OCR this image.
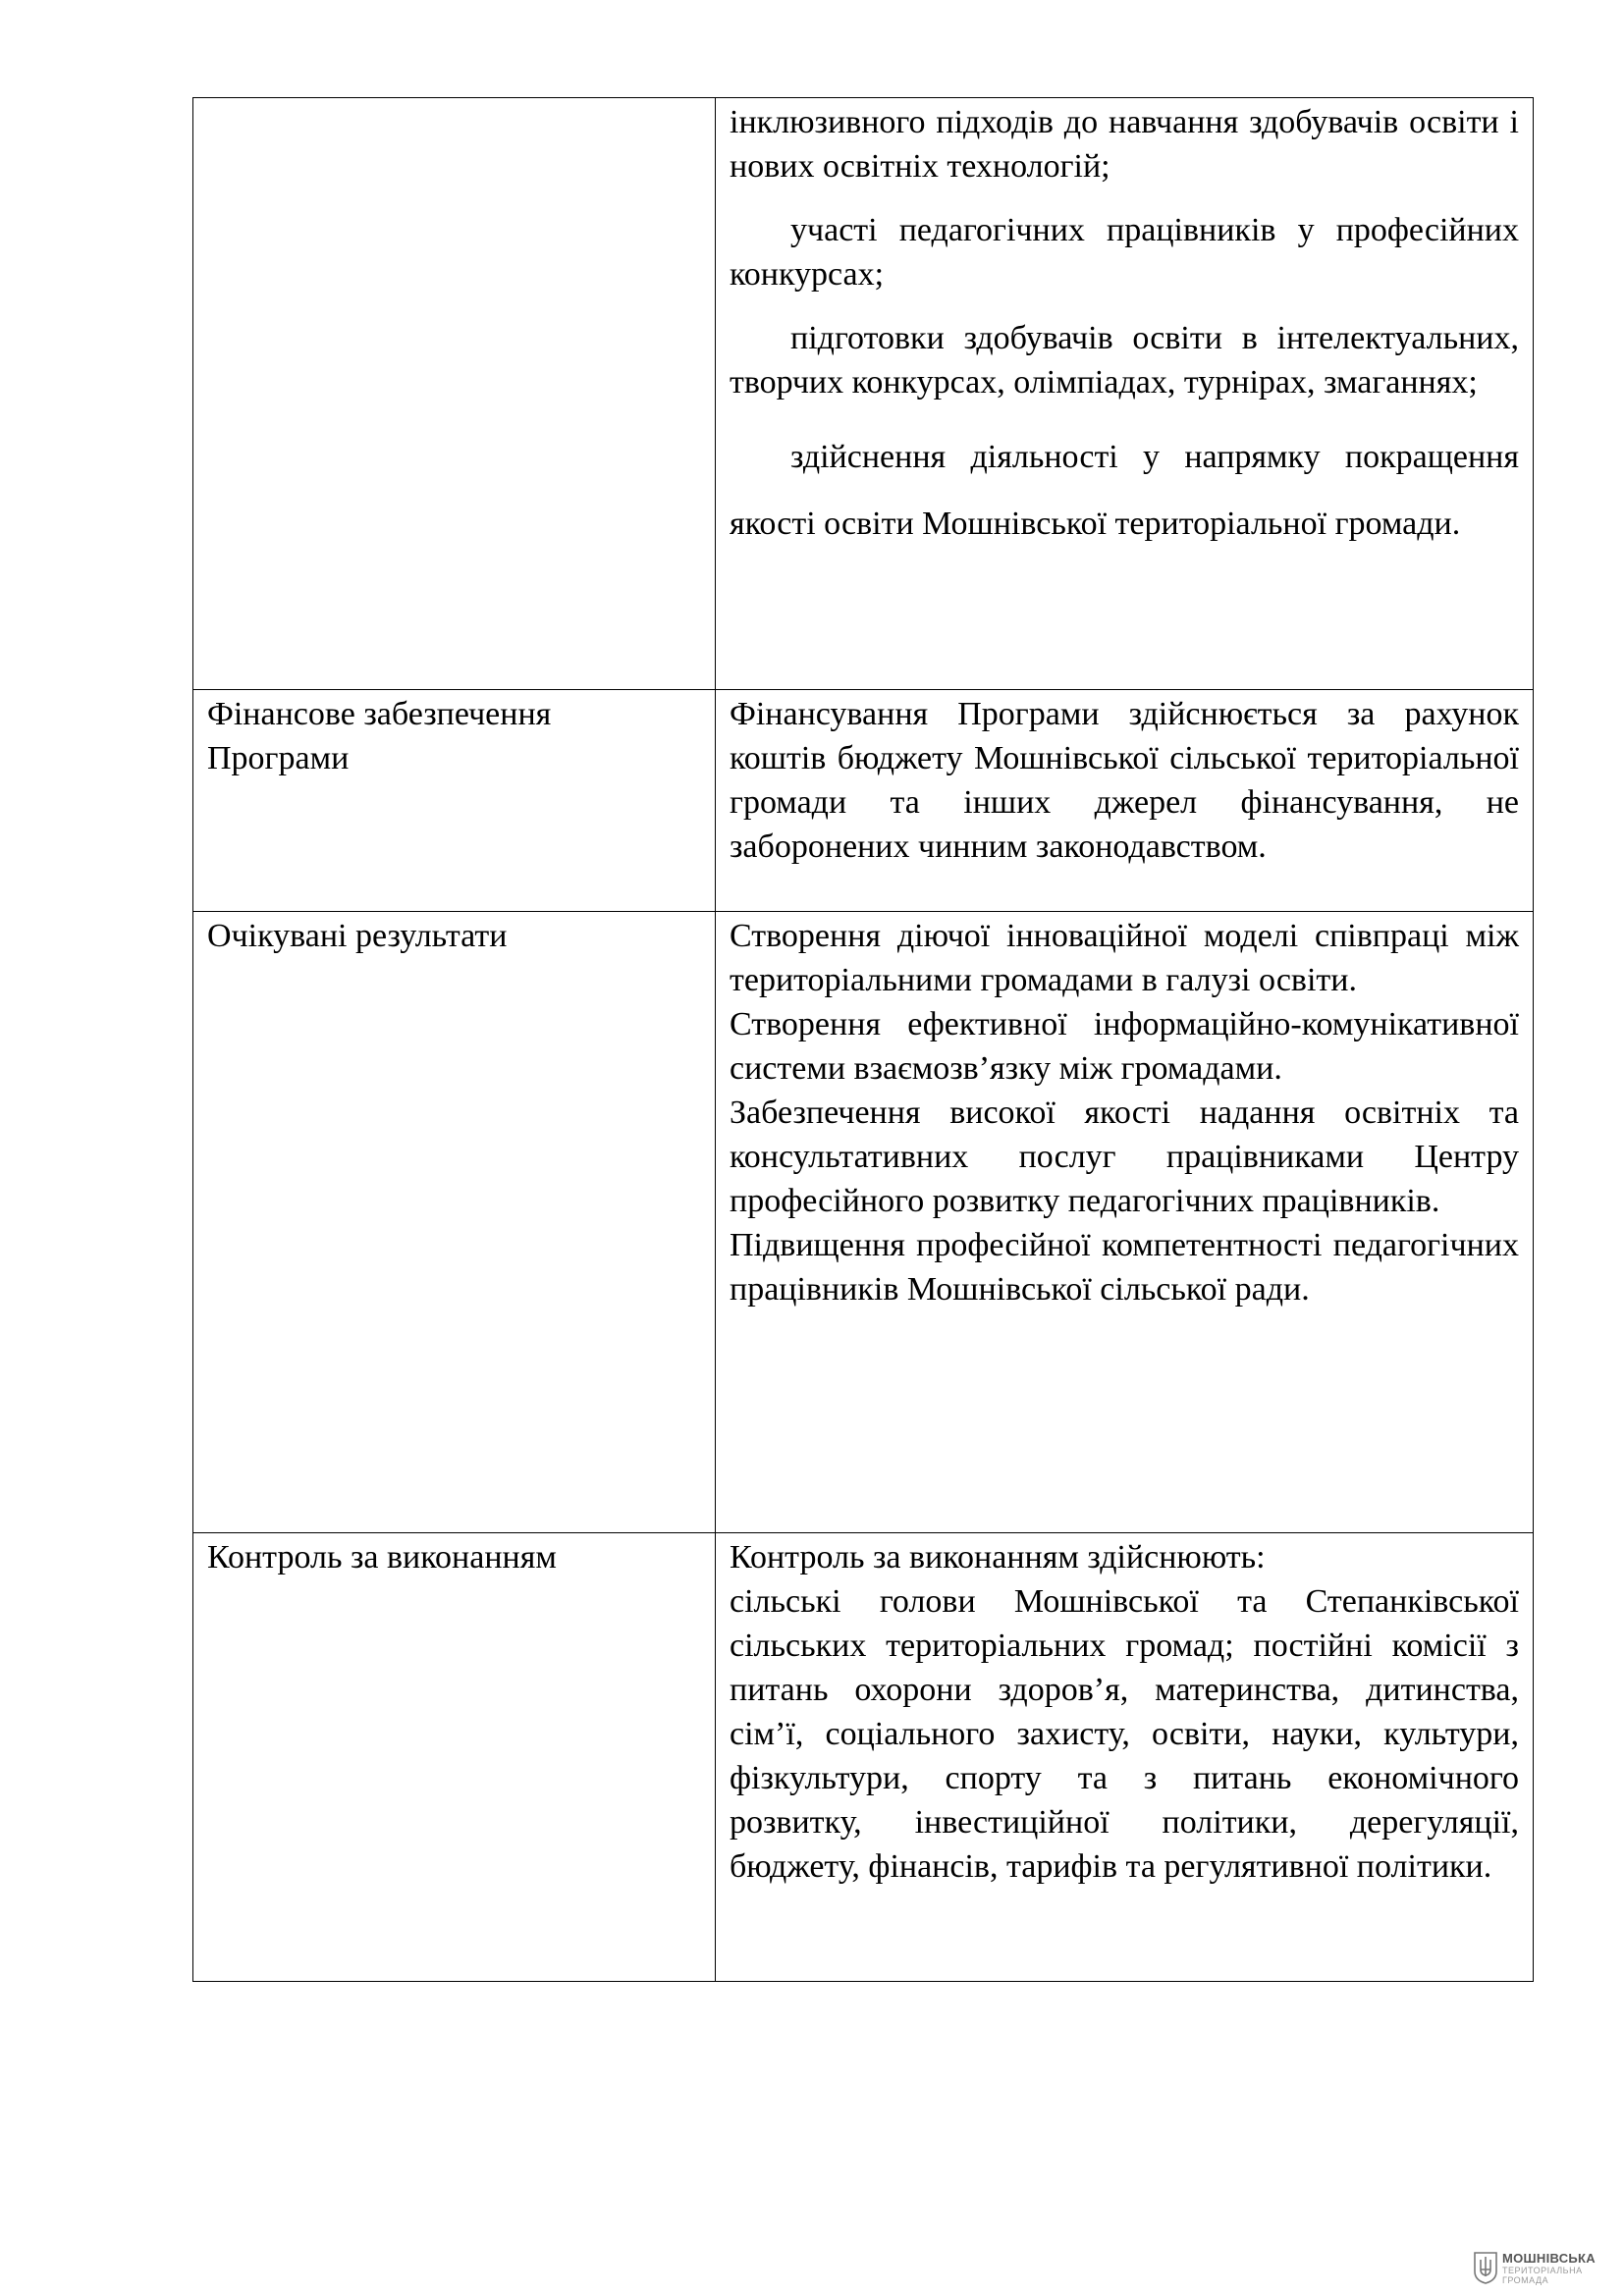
	інклюзивного підходів до навчання здобувачів освіти і нових освітніх технологій;

участі педагогічних працівників у професійних конкурсах;

підготовки здобувачів освіти в інтелектуальних, творчих конкурсах, олімпіадах, турнірах, змаганнях;

здійснення діяльності у напрямку покращення якості освіти Мошнівської територіальної громади.

Фінансове забезпечення Програми	Фінансування Програми здійснюється за рахунок коштів бюджету Мошнівської сільської територіальної громади та інших джерел фінансування, не заборонених чинним законодавством.
Очікувані результати	Створення діючої інноваційної моделі співпраці між територіальними громадами в галузі освіти.

Створення ефективної інформаційно-комунікативної системи взаємозв’язку між громадами.

Забезпечення високої якості надання освітніх та консультативних послуг працівниками Центру професійного розвитку педагогічних працівників.

Підвищення професійної компетентності педагогічних працівників Мошнівської сільської ради.

Контроль за виконанням	Контроль за виконанням здійснюють:

сільські голови Мошнівської та Степанківської сільських територіальних громад; постійні комісії з питань охорони здоров’я, материнства, дитинства, сім’ї, соціального захисту, освіти, науки, культури, фізкультури, спорту та з питань економічного розвитку, інвестиційної політики, дерегуляції, бюджету, фінансів, тарифів та регулятивної політики.

МОШНІВСЬКА
ТЕРИТОРІАЛЬНА
ГРОМАДА
